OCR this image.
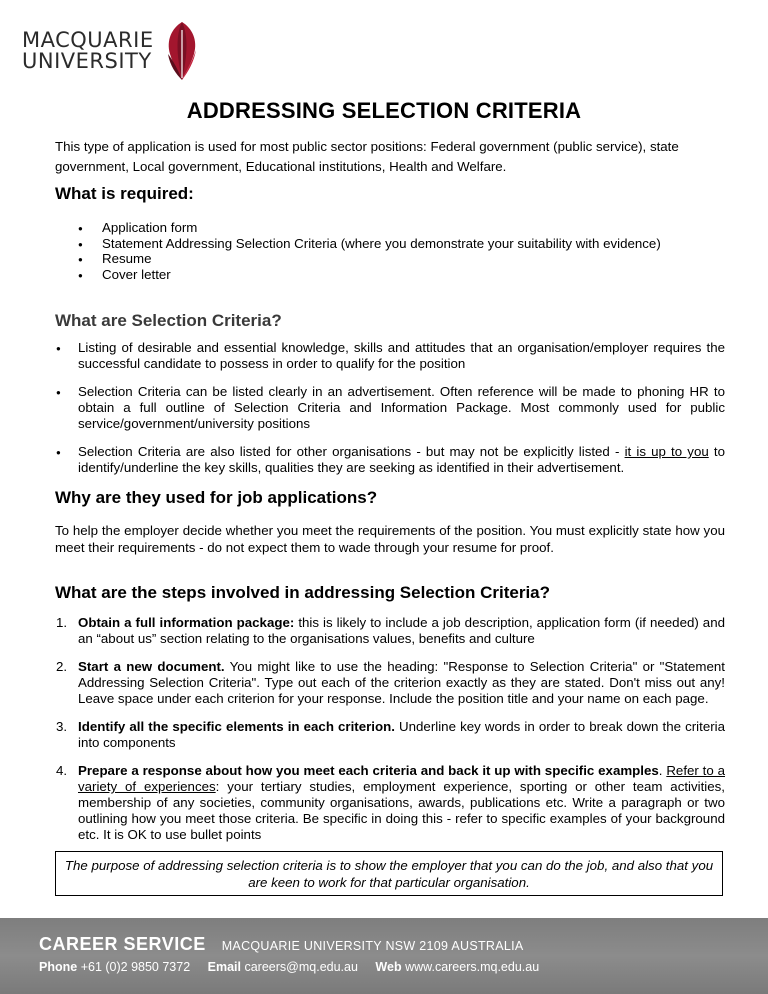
MACQUARIE
UNIVERSITY
ADDRESSING SELECTION CRITERIA
This type of application is used for most public sector positions: Federal government (public service), state government, Local government, Educational institutions, Health and Welfare.
What is required:
● Application form
● Statement Addressing Selection Criteria (where you demonstrate your suitability with evidence)
● Resume
● Cover letter
What are Selection Criteria?
● Listing of desirable and essential knowledge, skills and attitudes that an organisation/employer requires the successful candidate to possess in order to qualify for the position
● Selection Criteria can be listed clearly in an advertisement. Often reference will be made to phoning HR to obtain a full outline of Selection Criteria and Information Package. Most commonly used for public service/government/university positions
● Selection Criteria are also listed for other organisations - but may not be explicitly listed - it is up to you to identify/underline the key skills, qualities they are seeking as identified in their advertisement.
Why are they used for job applications?
To help the employer decide whether you meet the requirements of the position. You must explicitly state how you meet their requirements - do not expect them to wade through your resume for proof.
What are the steps involved in addressing Selection Criteria?
1. Obtain a full information package: this is likely to include a job description, application form (if needed) and an “about us” section relating to the organisations values, benefits and culture
2. Start a new document. You might like to use the heading: "Response to Selection Criteria" or "Statement Addressing Selection Criteria". Type out each of the criterion exactly as they are stated. Don't miss out any! Leave space under each criterion for your response. Include the position title and your name on each page.
3. Identify all the specific elements in each criterion. Underline key words in order to break down the criteria into components
4. Prepare a response about how you meet each criteria and back it up with specific examples. Refer to a variety of experiences: your tertiary studies, employment experience, sporting or other team activities, membership of any societies, community organisations, awards, publications etc. Write a paragraph or two outlining how you meet those criteria. Be specific in doing this - refer to specific examples of your background etc. It is OK to use bullet points
The purpose of addressing selection criteria is to show the employer that you can do the job, and also that you are keen to work for that particular organisation.
CAREER SERVICE MACQUARIE UNIVERSITY NSW 2109 AUSTRALIA
Phone +61 (0)2 9850 7372 Email careers@mq.edu.au Web www.careers.mq.edu.au
